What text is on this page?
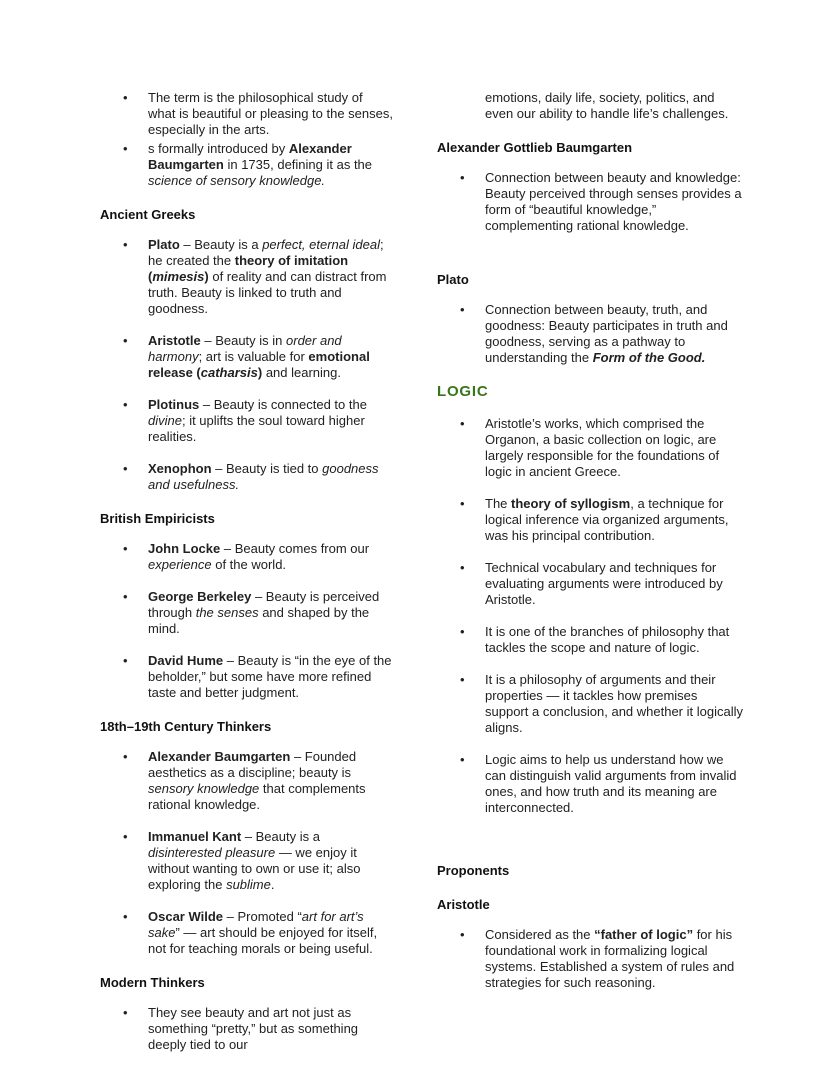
•	The term is the philosophical study of what is beautiful or pleasing to the senses, especially in the arts.
•	s formally introduced by Alexander Baumgarten in 1735, defining it as the science of sensory knowledge.
Ancient Greeks
•	Plato – Beauty is a perfect, eternal ideal; he created the theory of imitation (mimesis) of reality and can distract from truth. Beauty is linked to truth and goodness.
•	Aristotle – Beauty is in order and harmony; art is valuable for emotional release (catharsis) and learning.
•	Plotinus – Beauty is connected to the divine; it uplifts the soul toward higher realities.
•	Xenophon – Beauty is tied to goodness and usefulness.
British Empiricists
•	John Locke – Beauty comes from our experience of the world.
•	George Berkeley – Beauty is perceived through the senses and shaped by the mind.
•	David Hume – Beauty is “in the eye of the beholder,” but some have more refined taste and better judgment.
18th–19th Century Thinkers
•	Alexander Baumgarten – Founded aesthetics as a discipline; beauty is sensory knowledge that complements rational knowledge.
•	Immanuel Kant – Beauty is a disinterested pleasure — we enjoy it without wanting to own or use it; also exploring the sublime.
•	Oscar Wilde – Promoted “art for art’s sake” — art should be enjoyed for itself, not for teaching morals or being useful.
Modern Thinkers
•	They see beauty and art not just as something “pretty,” but as something deeply tied to our
emotions, daily life, society, politics, and even our ability to handle life’s challenges.
Alexander Gottlieb Baumgarten
•	Connection between beauty and knowledge: Beauty perceived through senses provides a form of “beautiful knowledge,” complementing rational knowledge.
Plato
•	Connection between beauty, truth, and goodness: Beauty participates in truth and goodness, serving as a pathway to understanding the Form of the Good.
LOGIC
•	Aristotle’s works, which comprised the Organon, a basic collection on logic, are largely responsible for the foundations of logic in ancient Greece.
•	The theory of syllogism, a technique for logical inference via organized arguments, was his principal contribution.
•	Technical vocabulary and techniques for evaluating arguments were introduced by Aristotle.
•	It is one of the branches of philosophy that tackles the scope and nature of logic.
•	It is a philosophy of arguments and their properties — it tackles how premises support a conclusion, and whether it logically aligns.
•	Logic aims to help us understand how we can distinguish valid arguments from invalid ones, and how truth and its meaning are interconnected.
Proponents
Aristotle
•	Considered as the “father of logic” for his foundational work in formalizing logical systems. Established a system of rules and strategies for such reasoning.
